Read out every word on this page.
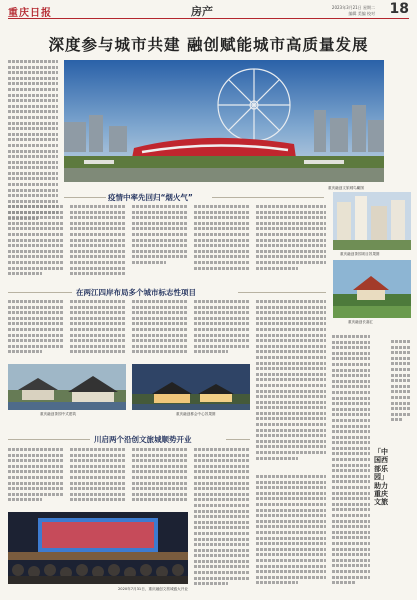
重庆日报	房产	2023年3月21日 星期二
编辑 美编 校对 18
深度参与城市共建 融创赋能城市高质量发展
重庆融创文旅城鸟瞰图
重庆融创茶园项目效果图
重庆融创长嘉汇
疫情中率先回归“烟火气”
在两江四岸布局多个城市标志性项目
重庆融创茶园中式建筑	重庆融创都会中心效果图
川启两个沿创文旅城顺势开业
2020年7月31日，重庆融创文旅城盛大开业
「中国西部乐园」助力重庆文旅
